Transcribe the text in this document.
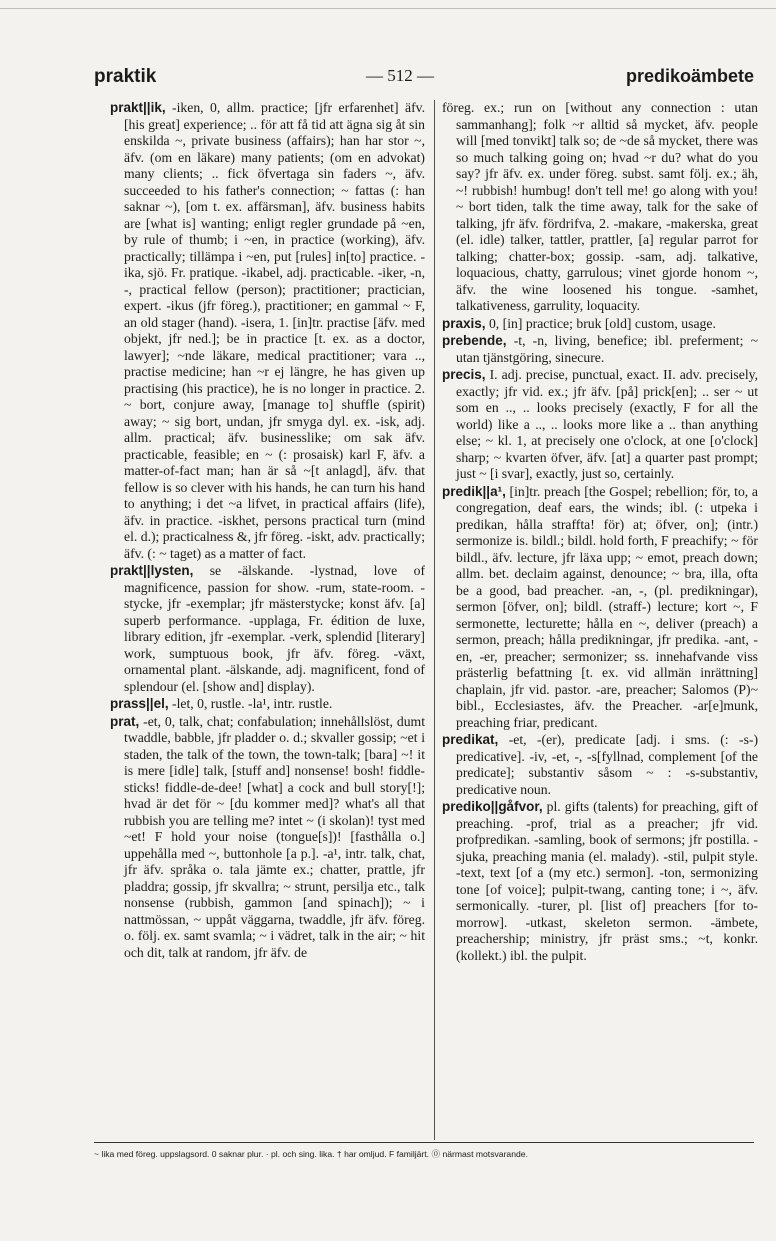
praktik	— 512 —	predikoämbete

prakt||ik, -iken, 0, allm. practice; [jfr erfarenhet] äfv. [his great] experience; .. för att få tid att ägna sig åt sin enskilda ~, private business (affairs); han har stor ~, äfv. (om en läkare) many patients; (om en advokat) many clients; .. fick öfvertaga sin faders ~, äfv. succeeded to his father's connection; ~ fattas (: han saknar ~), [om t. ex. affärsman], äfv. business habits are [what is] wanting; enligt regler grundade på ~en, by rule of thumb; i ~en, in practice (working), äfv. practically; tillämpa i ~en, put [rules] in[to] practice. -ika, sjö. Fr. pratique. -ikabel, adj. practicable. -iker, -n, -, practical fellow (person); practitioner; practician, expert. -ikus (jfr föreg.), practitioner; en gammal ~ F, an old stager (hand). -isera, 1. [in]tr. practise [äfv. med objekt, jfr ned.]; be in practice [t. ex. as a doctor, lawyer]; ~nde läkare, medical practitioner; vara .., practise medicine; han ~r ej längre, he has given up practising (his practice), he is no longer in practice. 2. ~ bort, conjure away, [manage to] shuffle (spirit) away; ~ sig bort, undan, jfr smyga dyl. ex. -isk, adj. allm. practical; äfv. businesslike; om sak äfv. practicable, feasible; en ~ (: prosaisk) karl F, äfv. a matter-of-fact man; han är så ~[t anlagd], äfv. that fellow is so clever with his hands, he can turn his hand to anything; i det ~a lifvet, in practical affairs (life), äfv. in practice. -iskhet, persons practical turn (mind el. d.); practicalness &, jfr föreg. -iskt, adv. practically; äfv. (: ~ taget) as a matter of fact.

prakt||lysten, se -älskande. -lystnad, love of magnificence, passion for show. -rum, state-room. -stycke, jfr -exemplar; jfr mästerstycke; konst äfv. [a] superb performance. -upplaga, Fr. édition de luxe, library edition, jfr -exemplar. -verk, splendid [literary] work, sumptuous book, jfr äfv. föreg. -växt, ornamental plant. -älskande, adj. magnificent, fond of splendour (el. [show and] display).

prass||el, -let, 0, rustle. -la¹, intr. rustle.

prat, -et, 0, talk, chat; confabulation; innehållslöst, dumt twaddle, babble, jfr pladder o. d.; skvaller gossip; ~et i staden, the talk of the town, the town-talk; [bara] ~! it is mere [idle] talk, [stuff and] nonsense! bosh! fiddle-sticks! fiddle-de-dee! [what] a cock and bull story[!]; hvad är det för ~ [du kommer med]? what's all that rubbish you are telling me? intet ~ (i skolan)! tyst med ~et! F hold your noise (tongue[s])! [fasthålla o.] uppehålla med ~, buttonhole [a p.]. -a¹, intr. talk, chat, jfr äfv. språka o. tala jämte ex.; chatter, prattle, jfr pladdra; gossip, jfr skvallra; ~ strunt, persilja etc., talk nonsense (rubbish, gammon [and spinach]); ~ i nattmössan, ~ uppåt väggarna, twaddle, jfr äfv. föreg. o. följ. ex. samt svamla; ~ i vädret, talk in the air; ~ hit och dit, talk at random, jfr äfv. de

föreg. ex.; run on [without any connection : utan sammanhang]; folk ~r alltid så mycket, äfv. people will [med tonvikt] talk so; de ~de så mycket, there was so much talking going on; hvad ~r du? what do you say? jfr äfv. ex. under föreg. subst. samt följ. ex.; äh, ~! rubbish! humbug! don't tell me! go along with you! ~ bort tiden, talk the time away, talk for the sake of talking, jfr äfv. fördrifva, 2. -makare, -makerska, great (el. idle) talker, tattler, prattler, [a] regular parrot for talking; chatter-box; gossip. -sam, adj. talkative, loquacious, chatty, garrulous; vinet gjorde honom ~, äfv. the wine loosened his tongue. -samhet, talkativeness, garrulity, loquacity.

praxis, 0, [in] practice; bruk [old] custom, usage.

prebende, -t, -n, living, benefice; ibl. preferment; ~ utan tjänstgöring, sinecure.

precis, I. adj. precise, punctual, exact. II. adv. precisely, exactly; jfr vid. ex.; jfr äfv. [på] prick[en]; .. ser ~ ut som en .., .. looks precisely (exactly, F for all the world) like a .., .. looks more like a .. than anything else; ~ kl. 1, at precisely one o'clock, at one [o'clock] sharp; ~ kvarten öfver, äfv. [at] a quarter past prompt; just ~ [i svar], exactly, just so, certainly.

predik||a¹, [in]tr. preach [the Gospel; rebellion; för, to, a congregation, deaf ears, the winds; ibl. (: utpeka i predikan, hålla straffta! för) at; öfver, on]; (intr.) sermonize is. bildl.; bildl. hold forth, F preachify; ~ för bildl., äfv. lecture, jfr läxa upp; ~ emot, preach down; allm. bet. declaim against, denounce; ~ bra, illa, ofta be a good, bad preacher. -an, -, (pl. predikningar), sermon [öfver, on]; bildl. (straff-) lecture; kort ~, F sermonette, lecturette; hålla en ~, deliver (preach) a sermon, preach; hålla predikningar, jfr predika. -ant, -en, -er, preacher; sermonizer; ss. innehafvande viss prästerlig befattning [t. ex. vid allmän inrättning] chaplain, jfr vid. pastor. -are, preacher; Salomos (P)~ bibl., Ecclesiastes, äfv. the Preacher. -ar[e]munk, preaching friar, predicant.

predikat, -et, -(er), predicate [adj. i sms. (: -s-) predicative]. -iv, -et, -, -s[fyllnad, complement [of the predicate]; substantiv såsom ~ : -s-substantiv, predicative noun.

prediko||gåfvor, pl. gifts (talents) for preaching, gift of preaching. -prof, trial as a preacher; jfr vid. profpredikan. -samling, book of sermons; jfr postilla. -sjuka, preaching mania (el. malady). -stil, pulpit style. -text, text [of a (my etc.) sermon]. -ton, sermonizing tone [of voice]; pulpit-twang, canting tone; i ~, äfv. sermonically. -turer, pl. [list of] preachers [for to-morrow]. -utkast, skeleton sermon. -ämbete, preachership; ministry, jfr präst sms.; ~t, konkr. (kollekt.) ibl. the pulpit.

~ lika med föreg. uppslagsord. 0 saknar plur. · pl. och sing. lika. † har omljud. F familjärt. ⓪ närmast motsvarande.
